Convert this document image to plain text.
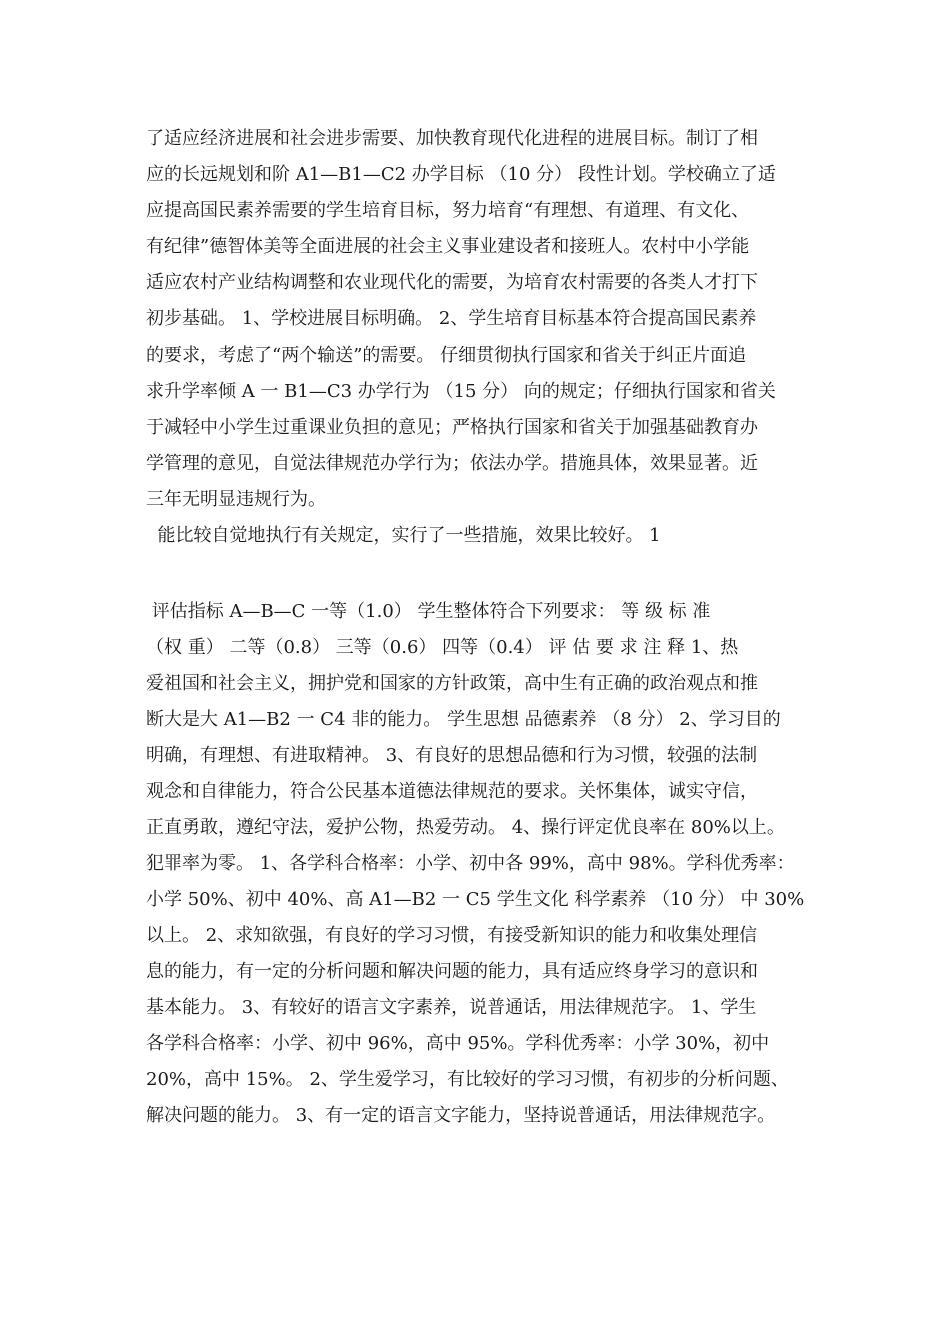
了适应经济进展和社会进步需要、加快教育现代化进程的进展目标。制订了相
应的长远规划和阶 A1—B1—C2 办学目标 （10 分） 段性计划。学校确立了适
应提高国民素养需要的学生培育目标，努力培育“有理想、有道理、有文化、
有纪律”德智体美等全面进展的社会主义事业建设者和接班人。农村中小学能
适应农村产业结构调整和农业现代化的需要，为培育农村需要的各类人才打下
初步基础。 1、学校进展目标明确。 2、学生培育目标基本符合提高国民素养
的要求，考虑了“两个输送”的需要。 仔细贯彻执行国家和省关于纠正片面追
求升学率倾 A 一 B1—C3 办学行为 （15 分） 向的规定；仔细执行国家和省关
于减轻中小学生过重课业负担的意见；严格执行国家和省关于加强基础教育办
学管理的意见，自觉法律规范办学行为；依法办学。措施具体，效果显著。近
三年无明显违规行为。
能比较自觉地执行有关规定，实行了一些措施，效果比较好。 1
评估指标 A—B—C 一等（1.0） 学生整体符合下列要求： 等 级 标 准
（权 重） 二等（0.8） 三等（0.6） 四等（0.4） 评 估 要 求 注 释 1、热
爱祖国和社会主义，拥护党和国家的方针政策，高中生有正确的政治观点和推
断大是大 A1—B2 一 C4 非的能力。 学生思想 品德素养 （8 分） 2、学习目的
明确，有理想、有进取精神。 3、有良好的思想品德和行为习惯，较强的法制
观念和自律能力，符合公民基本道德法律规范的要求。关怀集体，诚实守信，
正直勇敢，遵纪守法，爱护公物，热爱劳动。 4、操行评定优良率在 80%以上。
犯罪率为零。 1、各学科合格率：小学、初中各 99%，高中 98%。学科优秀率：
小学 50%、初中 40%、高 A1—B2 一 C5 学生文化 科学素养 （10 分） 中 30%
以上。 2、求知欲强，有良好的学习习惯，有接受新知识的能力和收集处理信
息的能力，有一定的分析问题和解决问题的能力，具有适应终身学习的意识和
基本能力。 3、有较好的语言文字素养，说普通话，用法律规范字。 1、学生
各学科合格率：小学、初中 96%，高中 95%。学科优秀率：小学 30%，初中
20%，高中 15%。 2、学生爱学习，有比较好的学习习惯，有初步的分析问题、
解决问题的能力。 3、有一定的语言文字能力，坚持说普通话，用法律规范字。
